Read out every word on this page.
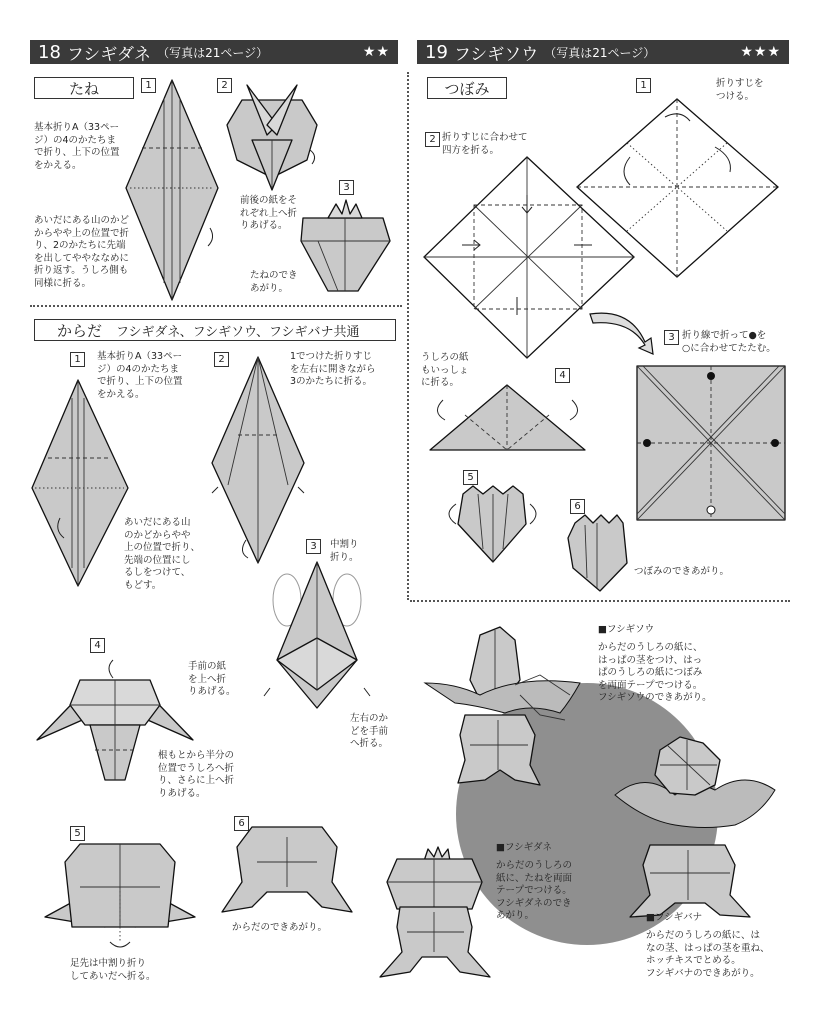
18 フシギダネ （写真は21ページ）	★★ 19 フシギソウ （写真は21ページ）	★★★
たね	1	2
3
基本折りA（33ペー
ジ）の4のかたちま
で折り、上下の位置
をかえる。
あいだにある山のかど
からやや上の位置で折
り、2のかたちに先端
を出してややななめに
折り返す。うしろ側も
同様に折る。
前後の紙をそ
れぞれ上へ折
りあげる。
たねのでき
あがり。
からだ フシギダネ、フシギソウ、フシギバナ共通
1	2
3
4
5
6
基本折りA（33ペー
ジ）の4のかたちま
で折り、上下の位置
をかえる。
1でつけた折りすじ
を左右に開きながら
3のかたちに折る。
あいだにある山
のかどからやや
上の位置で折り、
先端の位置にし
るしをつけて、
もどす。
中割り
折り。
手前の紙
を上へ折
りあげる。
左右のか
どを手前
へ折る。
根もとから半分の
位置でうしろへ折
り、さらに上へ折
りあげる。
足先は中割り折り
してあいだへ折る。
からだのできあがり。
つぼみ	1
2
3
4
5
6
折りすじを
つける。
折りすじに合わせて
四方を折る。
折り線で折って●を
○に合わせてたたむ。
うしろの紙
もいっしょ
に折る。
つぼみのできあがり。
■フシギソウ
からだのうしろの紙に、
はっぱの茎をつけ、はっ
ぱのうしろの紙につぼみ
を両面テープでつける。
フシギソウのできあがり。
■フシギダネ
からだのうしろの
紙に、たねを両面
テープでつける。
フシギダネのでき
あがり。	■フシギバナ
からだのうしろの紙に、は
なの茎、はっぱの茎を重ね、
ホッチキスでとめる。
フシギバナのできあがり。
